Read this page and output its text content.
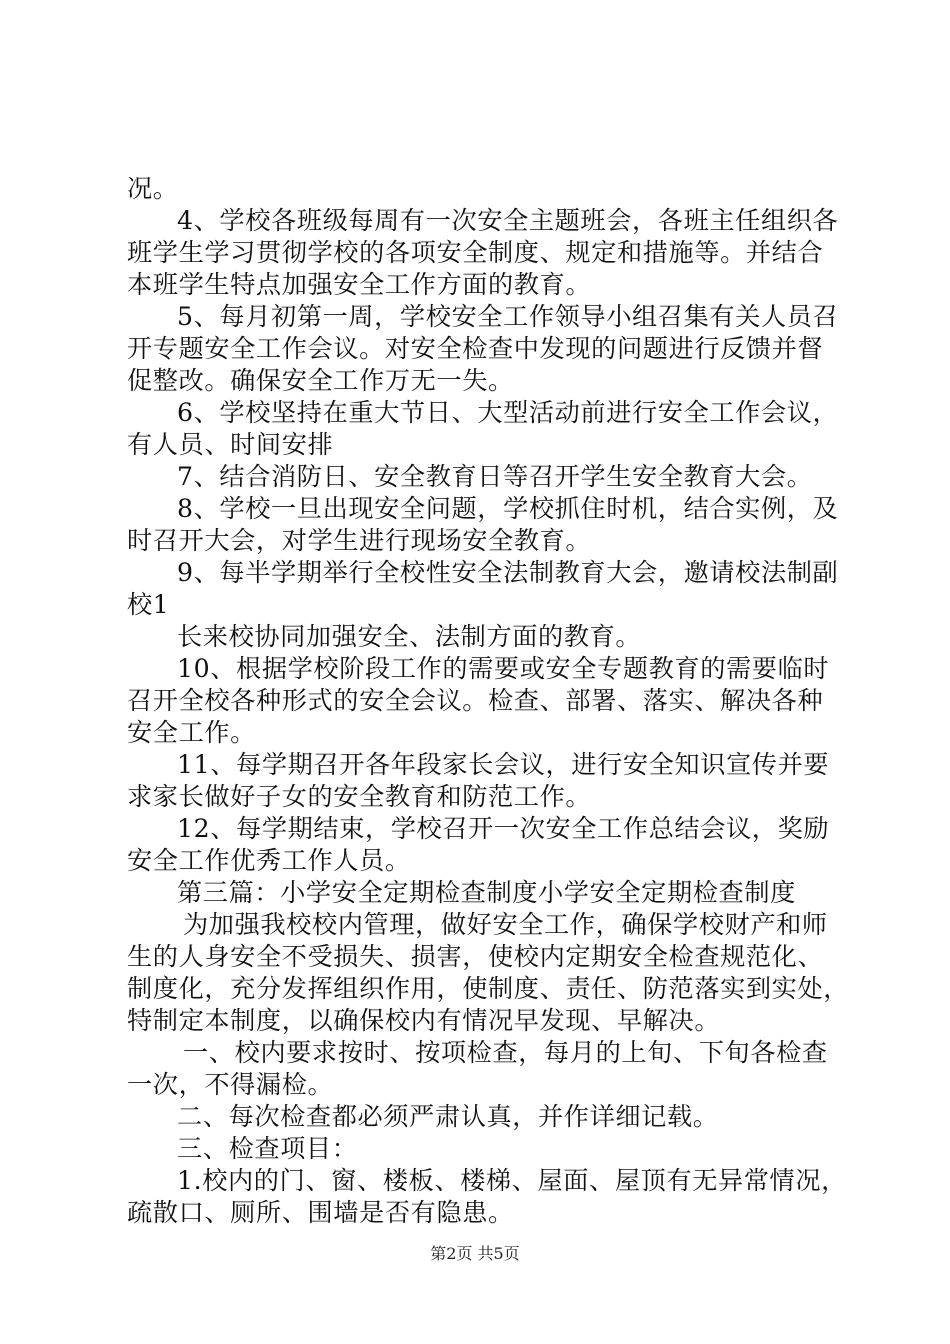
况。
4、学校各班级每周有一次安全主题班会，各班主任组织各
班学生学习贯彻学校的各项安全制度、规定和措施等。并结合
本班学生特点加强安全工作方面的教育。
5、每月初第一周，学校安全工作领导小组召集有关人员召
开专题安全工作会议。对安全检查中发现的问题进行反馈并督
促整改。确保安全工作万无一失。
6、学校坚持在重大节日、大型活动前进行安全工作会议，
有人员、时间安排
7、结合消防日、安全教育日等召开学生安全教育大会。
8、学校一旦出现安全问题，学校抓住时机，结合实例，及
时召开大会，对学生进行现场安全教育。
9、每半学期举行全校性安全法制教育大会，邀请校法制副
校1
长来校协同加强安全、法制方面的教育。
10、根据学校阶段工作的需要或安全专题教育的需要临时
召开全校各种形式的安全会议。检查、部署、落实、解决各种
安全工作。
11、每学期召开各年段家长会议，进行安全知识宣传并要
求家长做好子女的安全教育和防范工作。
12、每学期结束，学校召开一次安全工作总结会议，奖励
安全工作优秀工作人员。
第三篇：小学安全定期检查制度小学安全定期检查制度
为加强我校校内管理，做好安全工作，确保学校财产和师
生的人身安全不受损失、损害，使校内定期安全检查规范化、
制度化，充分发挥组织作用，使制度、责任、防范落实到实处，
特制定本制度，以确保校内有情况早发现、早解决。
一、校内要求按时、按项检查，每月的上旬、下旬各检查
一次，不得漏检。
二、每次检查都必须严肃认真，并作详细记载。
三、检查项目：
1.校内的门、窗、楼板、楼梯、屋面、屋顶有无异常情况，
疏散口、厕所、围墙是否有隐患。
第2页 共5页
